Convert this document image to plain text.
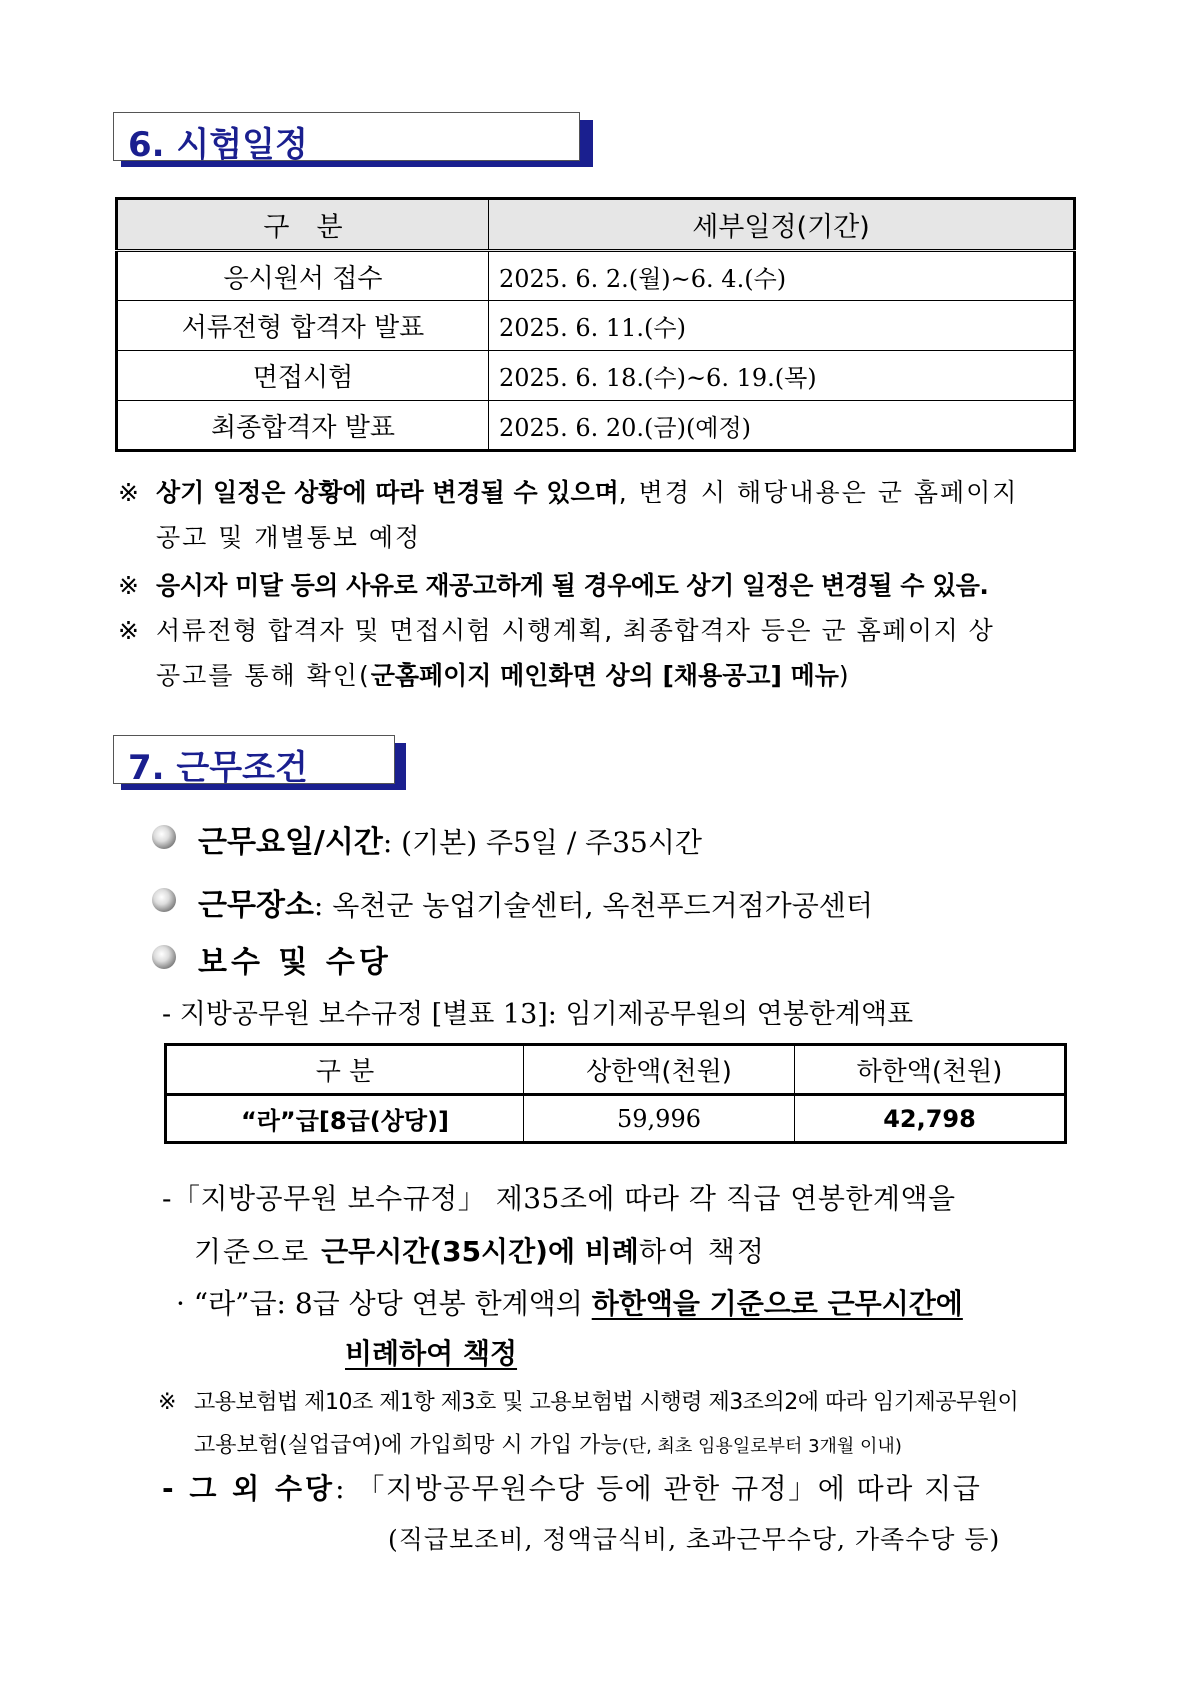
6. 시험일정
구　분	세부일정(기간)
응시원서 접수	2025. 6. 2.(월)~6. 4.(수)
서류전형 합격자 발표	2025. 6. 11.(수)
면접시험	2025. 6. 18.(수)~6. 19.(목)
최종합격자 발표	2025. 6. 20.(금)(예정)
※ 상기 일정은 상황에 따라 변경될 수 있으며, 변경 시 해당내용은 군 홈페이지
공고 및 개별통보 예정
※ 응시자 미달 등의 사유로 재공고하게 될 경우에도 상기 일정은 변경될 수 있음.
※ 서류전형 합격자 및 면접시험 시행계획, 최종합격자 등은 군 홈페이지 상
공고를 통해 확인(군홈페이지 메인화면 상의 [채용공고] 메뉴)
7. 근무조건
근무요일/시간: (기본) 주5일 / 주35시간
근무장소: 옥천군 농업기술센터, 옥천푸드거점가공센터
보수 및 수당
- 지방공무원 보수규정 [별표 13]: 임기제공무원의 연봉한계액표
구 분	상한액(천원)	하한액(천원)
“라”급[8급(상당)]	59,996	42,798
-「지방공무원 보수규정」 제35조에 따라 각 직급 연봉한계액을
기준으로 근무시간(35시간)에 비례하여 책정
· “라”급: 8급 상당 연봉 한계액의 하한액을 기준으로 근무시간에
비례하여 책정
※ 고용보험법 제10조 제1항 제3호 및 고용보험법 시행령 제3조의2에 따라 임기제공무원이
고용보험(실업급여)에 가입희망 시 가입 가능(단, 최초 임용일로부터 3개월 이내)
- 그 외 수당: 「지방공무원수당 등에 관한 규정」에 따라 지급
(직급보조비, 정액급식비, 초과근무수당, 가족수당 등)
